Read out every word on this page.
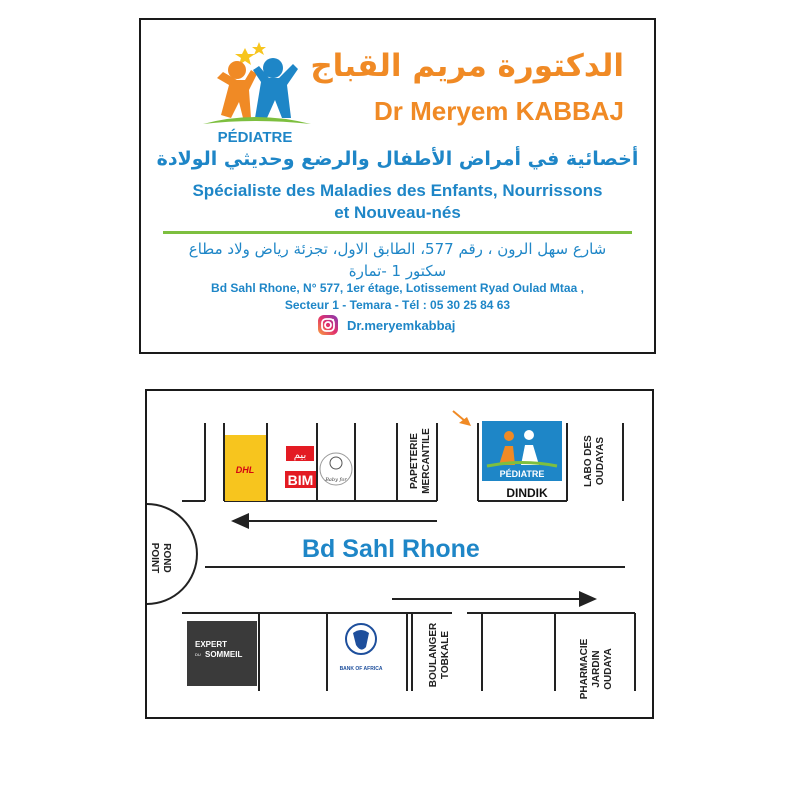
PÉDIATRE
الدكتورة مريم القباج
Dr Meryem KABBAJ
أخصائية في أمراض الأطفال والرضع وحديثي الولادة
Spécialiste des Maladies des Enfants, Nourrissons
et Nouveau-nés
شارع سهل الرون ، رقم 577، الطابق الاول، تجزئة رياض ولاد مطاع
سكتور 1 -تمارة
Bd Sahl Rhone, N° 577, 1er étage, Lotissement Ryad Oulad Mtaa ,
Secteur 1 - Temara - Tél : 05 30 25 84 63
Dr.meryemkabbaj
DHL
بيم
BIM Baby for
PÉDIATRE
EXPERT
DU SOMMEIL
BANK OF AFRICA
ROND
POINT
PAPETERIE MERCANTILE	LABO DES OUDAYAS
BOULANGER TOBKALE	PHARMACIE JARDIN OUDAYA
DINDIK
Bd Sahl Rhone
